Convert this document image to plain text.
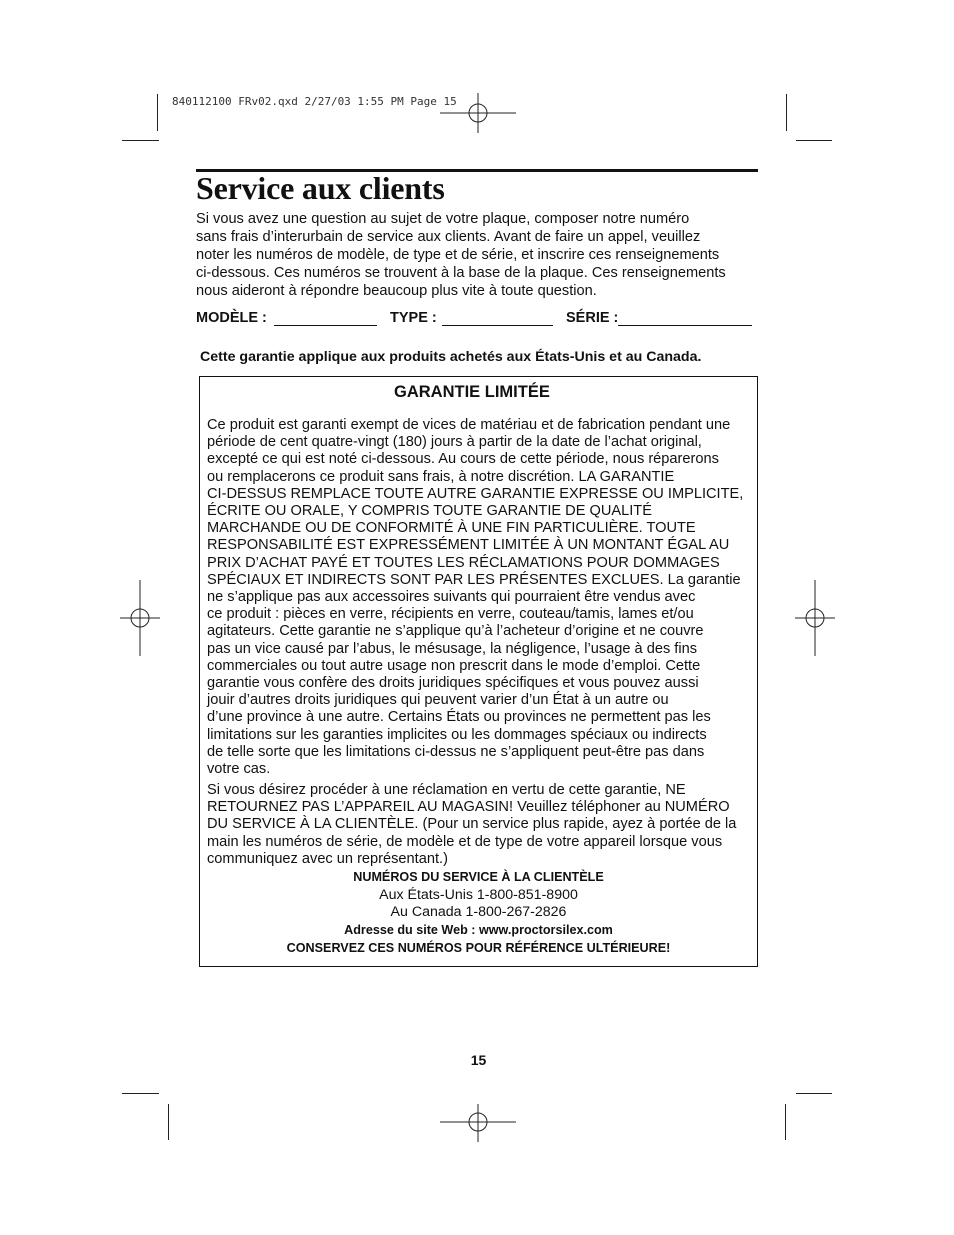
840112100 FRv02.qxd 2/27/03 1:55 PM Page 15
Service aux clients
Si vous avez une question au sujet de votre plaque, composer notre numéro
sans frais d’interurbain de service aux clients. Avant de faire un appel, veuillez
noter les numéros de modèle, de type et de série, et inscrire ces renseignements
ci-dessous. Ces numéros se trouvent à la base de la plaque. Ces renseignements
nous aideront à répondre beaucoup plus vite à toute question.
MODÈLE :	TYPE :	SÉRIE :
Cette garantie applique aux produits achetés aux États-Unis et au Canada.
GARANTIE LIMITÉE
Ce produit est garanti exempt de vices de matériau et de fabrication pendant une
période de cent quatre-vingt (180) jours à partir de la date de l’achat original,
excepté ce qui est noté ci-dessous. Au cours de cette période, nous réparerons
ou remplacerons ce produit sans frais, à notre discrétion. LA GARANTIE
CI-DESSUS REMPLACE TOUTE AUTRE GARANTIE EXPRESSE OU IMPLICITE,
ÉCRITE OU ORALE, Y COMPRIS TOUTE GARANTIE DE QUALITÉ
MARCHANDE OU DE CONFORMITÉ À UNE FIN PARTICULIÈRE. TOUTE
RESPONSABILITÉ EST EXPRESSÉMENT LIMITÉE À UN MONTANT ÉGAL AU
PRIX D’ACHAT PAYÉ ET TOUTES LES RÉCLAMATIONS POUR DOMMAGES
SPÉCIAUX ET INDIRECTS SONT PAR LES PRÉSENTES EXCLUES. La garantie
ne s’applique pas aux accessoires suivants qui pourraient être vendus avec
ce produit : pièces en verre, récipients en verre, couteau/tamis, lames et/ou
agitateurs. Cette garantie ne s’applique qu’à l’acheteur d’origine et ne couvre
pas un vice causé par l’abus, le mésusage, la négligence, l’usage à des fins
commerciales ou tout autre usage non prescrit dans le mode d’emploi. Cette
garantie vous confère des droits juridiques spécifiques et vous pouvez aussi
jouir d’autres droits juridiques qui peuvent varier d’un État à un autre ou
d’une province à une autre. Certains États ou provinces ne permettent pas les
limitations sur les garanties implicites ou les dommages spéciaux ou indirects
de telle sorte que les limitations ci-dessus ne s’appliquent peut-être pas dans
votre cas.
Si vous désirez procéder à une réclamation en vertu de cette garantie, NE
RETOURNEZ PAS L’APPAREIL AU MAGASIN! Veuillez téléphoner au NUMÉRO
DU SERVICE À LA CLIENTÈLE. (Pour un service plus rapide, ayez à portée de la
main les numéros de série, de modèle et de type de votre appareil lorsque vous
communiquez avec un représentant.)
NUMÉROS DU SERVICE À LA CLIENTÈLE
Aux États-Unis 1-800-851-8900
Au Canada 1-800-267-2826
Adresse du site Web : www.proctorsilex.com
CONSERVEZ CES NUMÉROS POUR RÉFÉRENCE ULTÉRIEURE!
15
